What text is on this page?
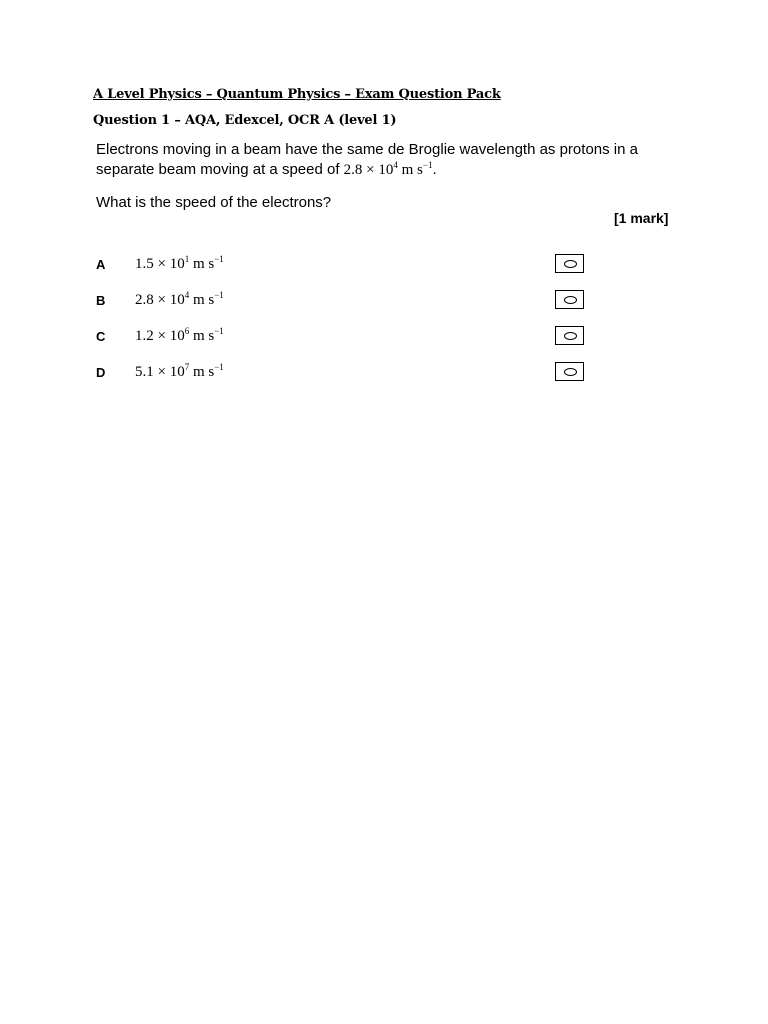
A Level Physics – Quantum Physics – Exam Question Pack
Question 1 – AQA, Edexcel, OCR A (level 1)
Electrons moving in a beam have the same de Broglie wavelength as protons in a
separate beam moving at a speed of $2.8 \times 10^4$ m $s^{-1}$.
What is the speed of the electrons?
[1 mark]
A $1.5 \times 10^1$ m $s^{-1}$
B $2.8 \times 10^4$ m $s^{-1}$
C $1.2 \times 10^6$ m $s^{-1}$
D $5.1 \times 10^7$ m $s^{-1}$
